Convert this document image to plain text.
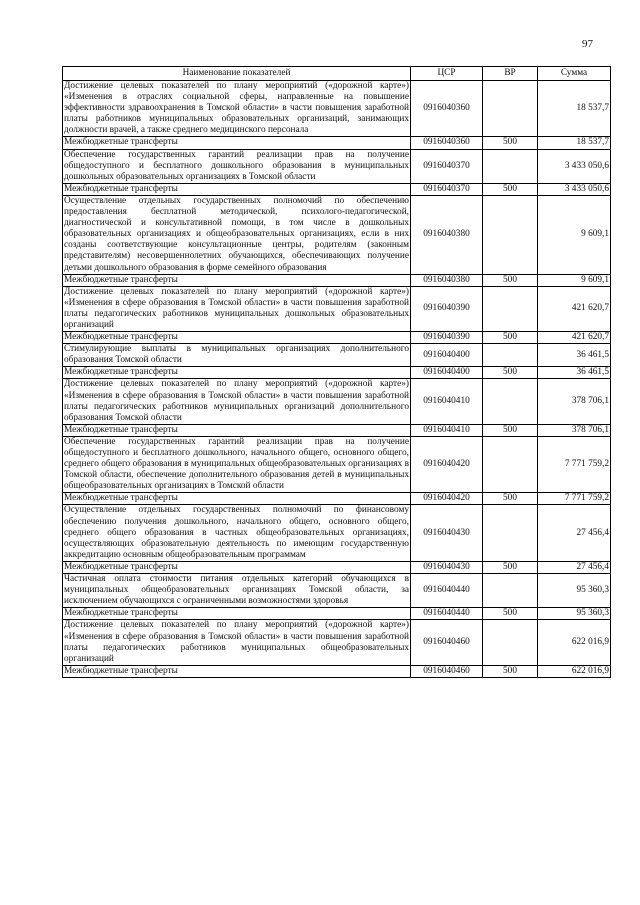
97
Наименование показателей	ЦСР	ВР	Сумма
Достижение целевых показателей по плану мероприятий («дорожной карте») «Изменения в отраслях социальной сферы, направленные на повышение эффективности здравоохранения в Томской области» в части повышения заработной платы работников муниципальных образовательных организаций, занимающих должности врачей, а также среднего медицинского персонала	0916040360		18 537,7
Межбюджетные трансферты	0916040360	500	18 537,7
Обеспечение государственных гарантий реализации прав на получение общедоступного и бесплатного дошкольного образования в муниципальных дошкольных образовательных организациях в Томской области	0916040370		3 433 050,6
Межбюджетные трансферты	0916040370	500	3 433 050,6
Осуществление отдельных государственных полномочий по обеспечению предоставления бесплатной методической, психолого-педагогической, диагностической и консультативной помощи, в том числе в дошкольных образовательных организациях и общеобразовательных организациях, если в них созданы соответствующие консультационные центры, родителям (законным представителям) несовершеннолетних обучающихся, обеспечивающих получение детьми дошкольного образования в форме семейного образования	0916040380		9 609,1
Межбюджетные трансферты	0916040380	500	9 609,1
Достижение целевых показателей по плану мероприятий («дорожной карте») «Изменения в сфере образования в Томской области» в части повышения заработной платы педагогических работников муниципальных дошкольных образовательных организаций	0916040390		421 620,7
Межбюджетные трансферты	0916040390	500	421 620,7
Стимулирующие выплаты в муниципальных организациях дополнительного образования Томской области	0916040400		36 461,5
Межбюджетные трансферты	0916040400	500	36 461,5
Достижение целевых показателей по плану мероприятий («дорожной карте») «Изменения в сфере образования в Томской области» в части повышения заработной платы педагогических работников муниципальных организаций дополнительного образования Томской области	0916040410		378 706,1
Межбюджетные трансферты	0916040410	500	378 706,1
Обеспечение государственных гарантий реализации прав на получение общедоступного и бесплатного дошкольного, начального общего, основного общего, среднего общего образования в муниципальных общеобразовательных организациях в Томской области, обеспечение дополнительного образования детей в муниципальных общеобразовательных организациях в Томской области	0916040420		7 771 759,2
Межбюджетные трансферты	0916040420	500	7 771 759,2
Осуществление отдельных государственных полномочий по финансовому обеспечению получения дошкольного, начального общего, основного общего, среднего общего образования в частных общеобразовательных организациях, осуществляющих образовательную деятельность по имеющим государственную аккредитацию основным общеобразовательным программам	0916040430		27 456,4
Межбюджетные трансферты	0916040430	500	27 456,4
Частичная оплата стоимости питания отдельных категорий обучающихся в муниципальных общеобразовательных организациях Томской области, за исключением обучающихся с ограниченными возможностями здоровья	0916040440		95 360,3
Межбюджетные трансферты	0916040440	500	95 360,3
Достижение целевых показателей по плану мероприятий («дорожной карте») «Изменения в сфере образования в Томской области» в части повышения заработной платы педагогических работников муниципальных общеобразовательных организаций	0916040460		622 016,9
Межбюджетные трансферты	0916040460	500	622 016,9
